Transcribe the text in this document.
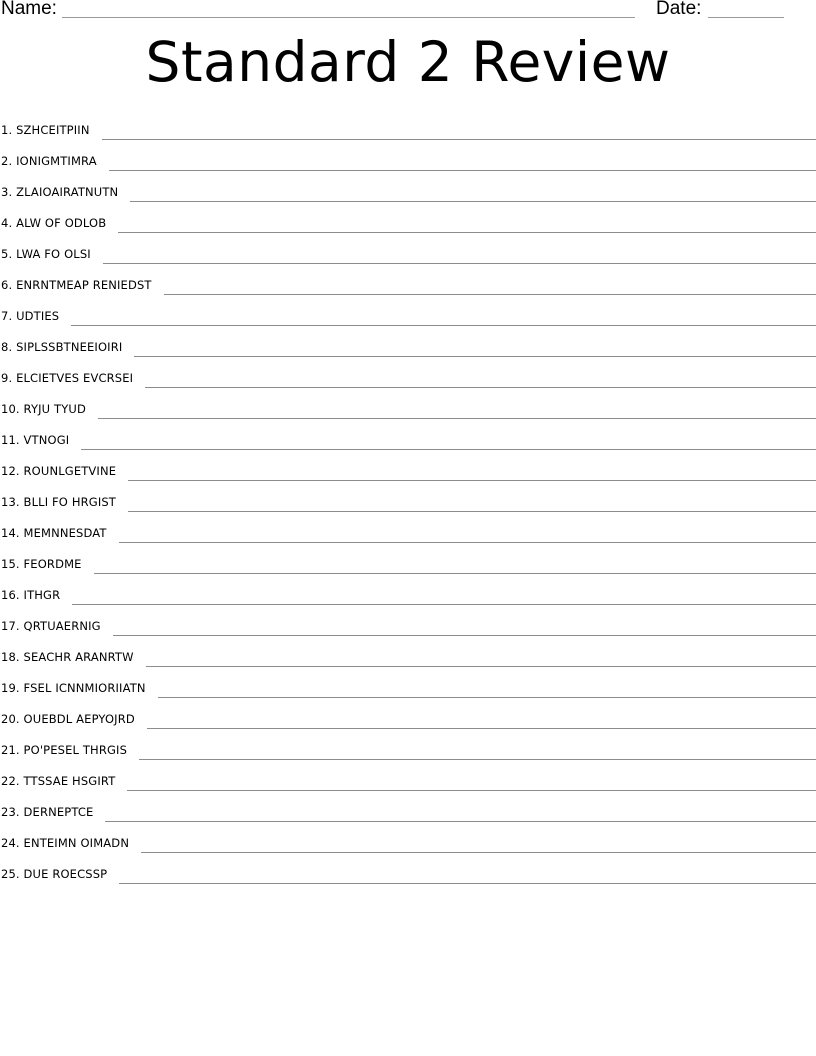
Name:	Date:
Standard 2 Review
1. SZHCEITPIIN
2. IONIGMTIMRA
3. ZLAIOAIRATNUTN
4. ALW OF ODLOB
5. LWA FO OLSI
6. ENRNTMEAP RENIEDST
7. UDTIES
8. SIPLSSBTNEEIOIRI
9. ELCIETVES EVCRSEI
10. RYJU TYUD
11. VTNOGI
12. ROUNLGETVINE
13. BLLI FO HRGIST
14. MEMNNESDAT
15. FEORDME
16. ITHGR
17. QRTUAERNIG
18. SEACHR ARANRTW
19. FSEL ICNNMIORIIATN
20. OUEBDL AEPYOJRD
21. PO'PESEL THRGIS
22. TTSSAE HSGIRT
23. DERNEPTCE
24. ENTEIMN OIMADN
25. DUE ROECSSP
